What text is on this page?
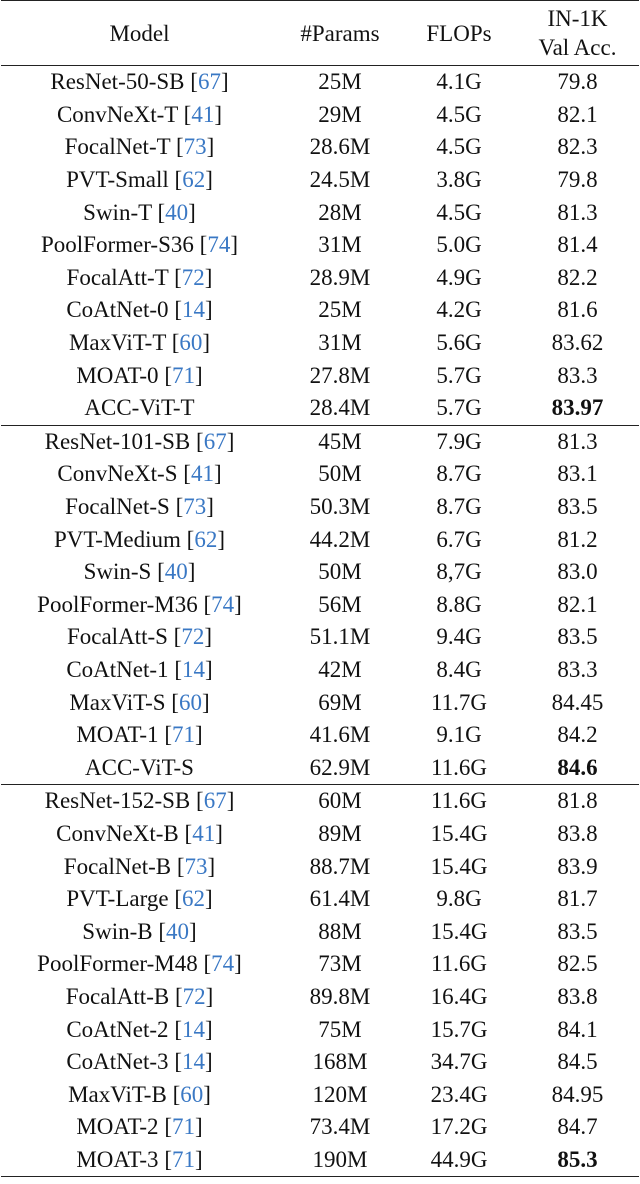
Model	#Params	FLOPs	IN-1K
Val Acc.

ResNet-50-SB [67]	25M	4.1G	79.8
ConvNeXt-T [41]	29M	4.5G	82.1
FocalNet-T [73]	28.6M	4.5G	82.3
PVT-Small [62]	24.5M	3.8G	79.8
Swin-T [40]	28M	4.5G	81.3
PoolFormer-S36 [74]	31M	5.0G	81.4
FocalAtt-T [72]	28.9M	4.9G	82.2
CoAtNet-0 [14]	25M	4.2G	81.6
MaxViT-T [60]	31M	5.6G	83.62
MOAT-0 [71]	27.8M	5.7G	83.3
ACC-ViT-T	28.4M	5.7G	83.97
ResNet-101-SB [67]	45M	7.9G	81.3
ConvNeXt-S [41]	50M	8.7G	83.1
FocalNet-S [73]	50.3M	8.7G	83.5
PVT-Medium [62]	44.2M	6.7G	81.2
Swin-S [40]	50M	8,7G	83.0
PoolFormer-M36 [74]	56M	8.8G	82.1
FocalAtt-S [72]	51.1M	9.4G	83.5
CoAtNet-1 [14]	42M	8.4G	83.3
MaxViT-S [60]	69M	11.7G	84.45
MOAT-1 [71]	41.6M	9.1G	84.2
ACC-ViT-S	62.9M	11.6G	84.6
ResNet-152-SB [67]	60M	11.6G	81.8
ConvNeXt-B [41]	89M	15.4G	83.8
FocalNet-B [73]	88.7M	15.4G	83.9
PVT-Large [62]	61.4M	9.8G	81.7
Swin-B [40]	88M	15.4G	83.5
PoolFormer-M48 [74]	73M	11.6G	82.5
FocalAtt-B [72]	89.8M	16.4G	83.8
CoAtNet-2 [14]	75M	15.7G	84.1
CoAtNet-3 [14]	168M	34.7G	84.5
MaxViT-B [60]	120M	23.4G	84.95
MOAT-2 [71]	73.4M	17.2G	84.7
MOAT-3 [71]	190M	44.9G	85.3
